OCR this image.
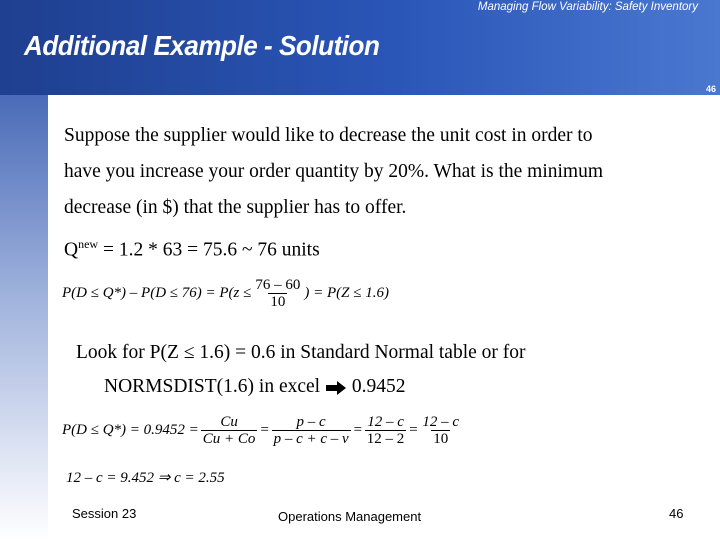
Managing Flow Variability: Safety Inventory
Additional Example - Solution
46
Suppose the supplier would like to decrease the unit cost in order to
have you increase your order quantity by 20%. What is the minimum
decrease (in $) that the supplier has to offer.
$Q^{new} = 1.2 * 63 = 75.6$ ~ 76 units
$P(D \le Q*) - P(D \le 76) = P(z \le \frac{76 - 60}{10}$ ) = P(Z ≤ 1.6)
Look for P(Z ≤ 1.6) = 0.6 in Standard Normal table or for
NORMSDIST(1.6) in excel  0.9452
$P(D \le Q*) = 0.9452 = \frac{Cu}{Cu + Co} = \frac{p - c}{p - c + c - v} = \frac{12 - c}{12 - 2} = \frac{12 - c}{10}$
12 – c = 9.452 ⇒ c = 2.55
Session 23	Operations Management	46
